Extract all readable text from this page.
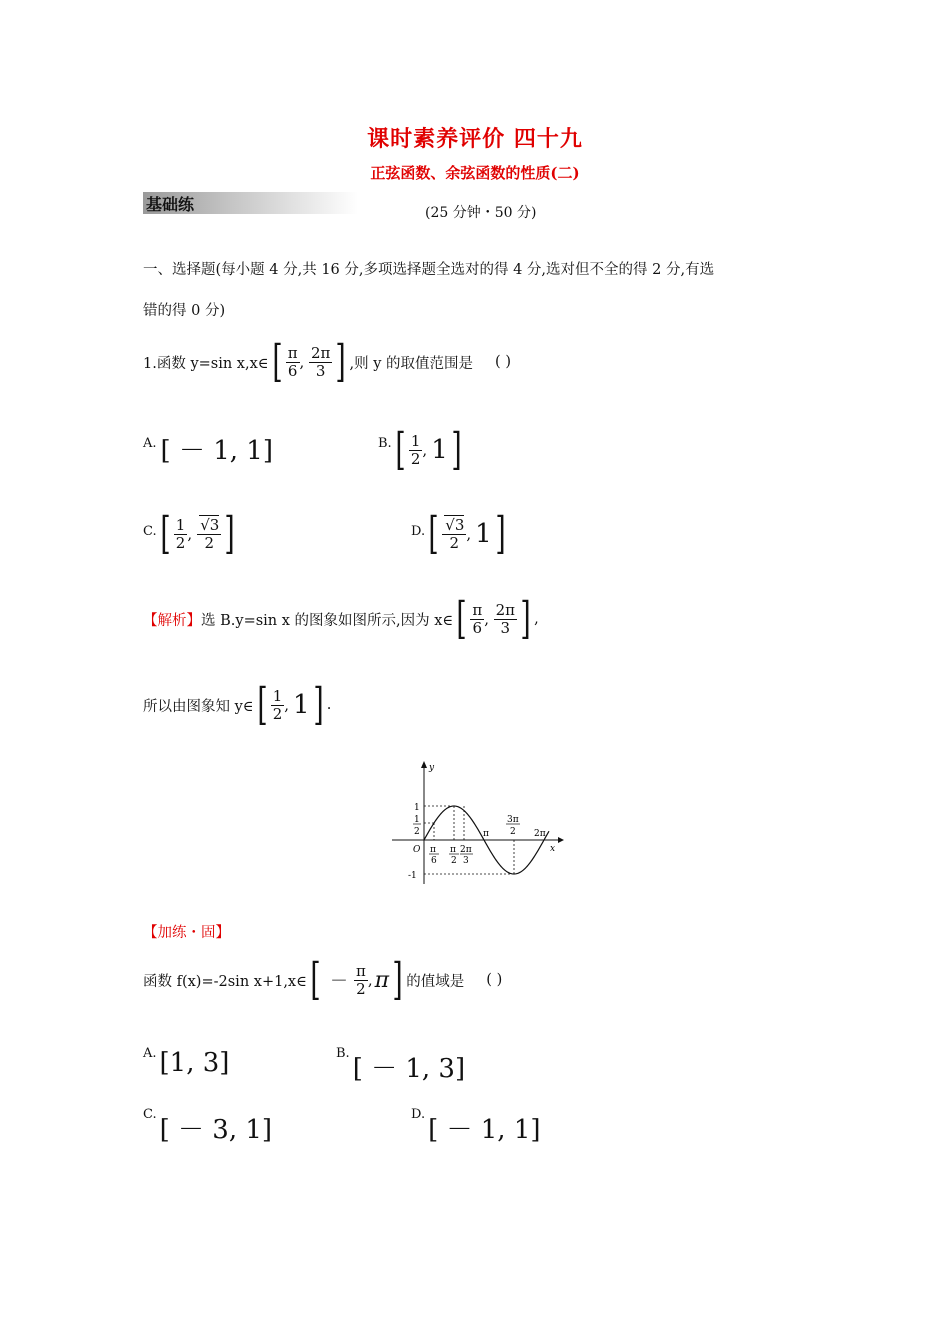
课时素养评价 四十九
正弦函数、余弦函数的性质(二)
基础练	(25 分钟・50 分)
一、选择题(每小题 4 分,共 16 分,多项选择题全选对的得 4 分,选对但不全的得 2 分,有选
错的得 0 分)
1.函数 y=sin x,x∈ [ $\frac{\pi}{6}$ ,
$\frac{2\pi}{3}$ ] ,则 y 的取值范围是 ( )
A. [ － 1, 1]	B. [ $\frac{1}{2}$ , 1 ]
C. [ $\frac{1}{2}$ ,
$\frac{√3}{2}$ ]	D. [ $\frac{√3}{2}$ , 1 ]
【解析】 选 B.y=sin x 的图象如图所示,因为 x∈ [ $\frac{\pi}{6}$ ,
$\frac{2\pi}{3}$ ] ,
所以由图象知 y∈ [ $\frac{1}{2}$ , 1 ] .
y
x
O
1
1
2
-1
π
6
π
2
2π
3
π
3π
2 2π
【加练・固】
函数 f(x)=-2sin x+1,x∈ [ － $\frac{\pi}{2}$ , π ] 的值域是 ( )
A. [1, 3]	B.
[ － 1, 3]
C.
[ － 3, 1]
D.
[ － 1, 1]
